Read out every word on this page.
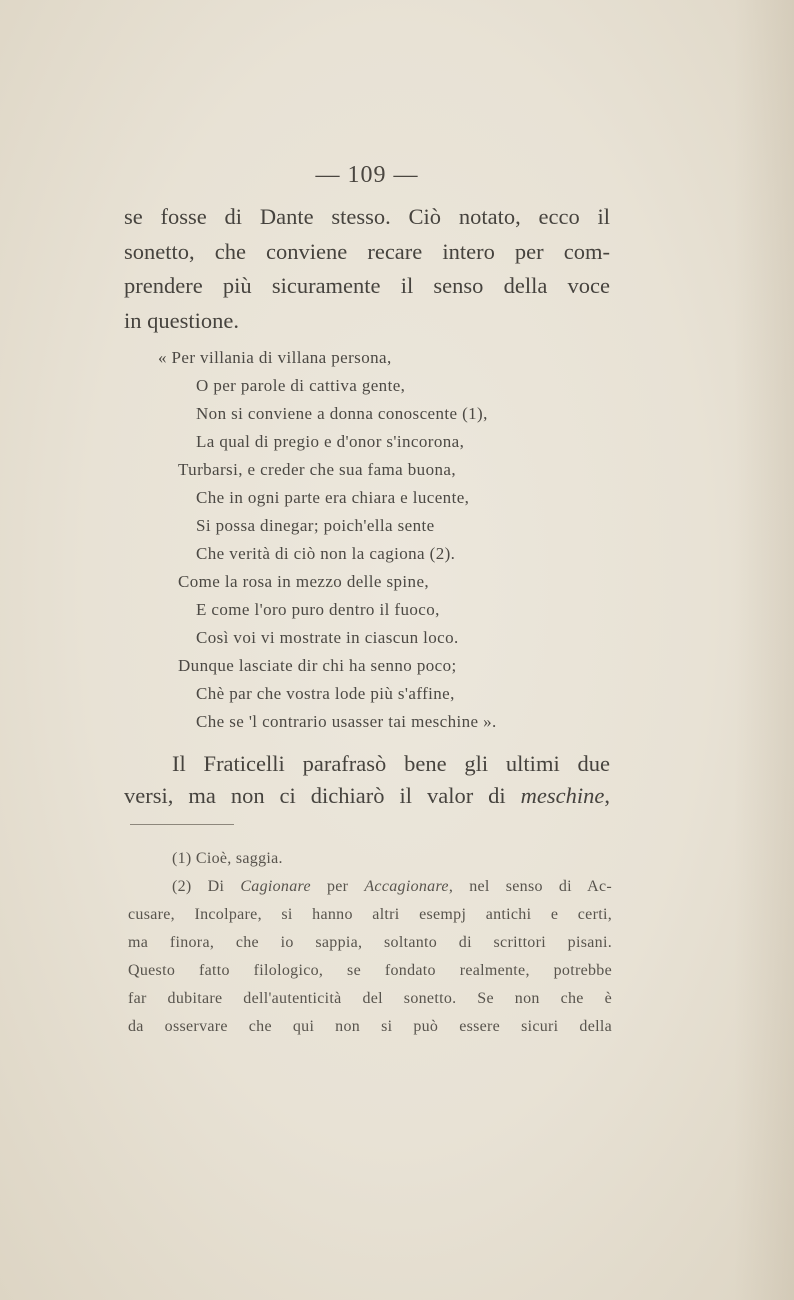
— 109 —
se fosse di Dante stesso. Ciò notato, ecco il
sonetto, che conviene recare intero per com-
prendere più sicuramente il senso della voce
in questione.
« Per villania di villana persona,
O per parole di cattiva gente,
Non si conviene a donna conoscente (1),
La qual di pregio e d'onor s'incorona,
Turbarsi, e creder che sua fama buona,
Che in ogni parte era chiara e lucente,
Si possa dinegar; poich'ella sente
Che verità di ciò non la cagiona (2).
Come la rosa in mezzo delle spine,
E come l'oro puro dentro il fuoco,
Così voi vi mostrate in ciascun loco.
Dunque lasciate dir chi ha senno poco;
Chè par che vostra lode più s'affine,
Che se 'l contrario usasser tai meschine ».
Il Fraticelli parafrasò bene gli ultimi due
versi, ma non ci dichiarò il valor di meschine,
(1) Cioè, saggia.
(2) Di Cagionare per Accagionare, nel senso di Ac-
cusare, Incolpare, si hanno altri esempj antichi e certi,
ma finora, che io sappia, soltanto di scrittori pisani.
Questo fatto filologico, se fondato realmente, potrebbe
far dubitare dell'autenticità del sonetto. Se non che è
da osservare che qui non si può essere sicuri della
